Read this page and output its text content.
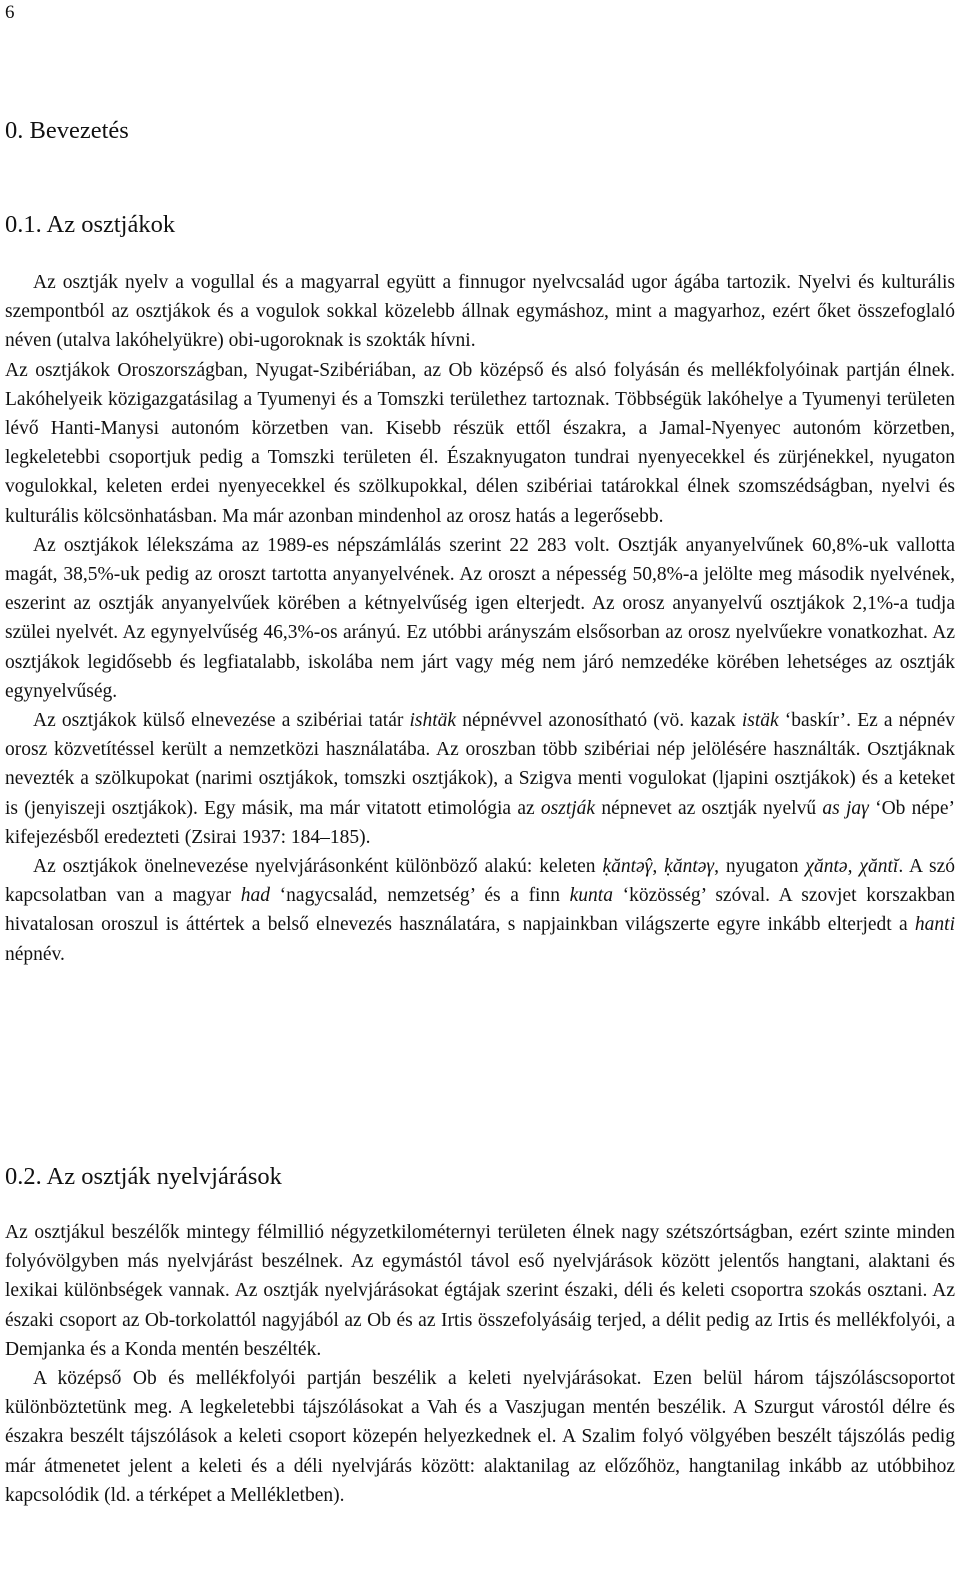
6
0. Bevezetés
0.1. Az osztjákok

Az osztják nyelv a vogullal és a magyarral együtt a finnugor nyelvcsalád ugor ágába tartozik. Nyelvi és kulturális szempontból az osztjákok és a vogulok sokkal közelebb állnak egymáshoz, mint a magyarhoz, ezért őket összefoglaló néven (utalva lakóhelyükre) obi-ugoroknak is szokták hívni.

Az osztjákok Oroszországban, Nyugat-Szibériában, az Ob középső és alsó folyásán és mellékfolyóinak partján élnek. Lakóhelyeik közigazgatásilag a Tyumenyi és a Tomszki területhez tartoznak. Többségük lakóhelye a Tyumenyi területen lévő Hanti-Manysi autonóm körzetben van. Kisebb részük ettől északra, a Jamal-Nyenyec autonóm körzetben, legkeletebbi csoportjuk pedig a Tomszki területen él. Északnyugaton tundrai nyenyecekkel és zürjénekkel, nyugaton vogulokkal, keleten erdei nyenyecekkel és szölkupokkal, délen szibériai tatárokkal élnek szomszédságban, nyelvi és kulturális kölcsönhatásban. Ma már azonban mindenhol az orosz hatás a legerősebb.

Az osztjákok lélekszáma az 1989-es népszámlálás szerint 22 283 volt. Osztják anyanyelvűnek 60,8%-uk vallotta magát, 38,5%-uk pedig az oroszt tartotta anyanyelvének. Az oroszt a népesség 50,8%-a jelölte meg második nyelvének, eszerint az osztják anyanyelvűek körében a kétnyelvűség igen elterjedt. Az orosz anyanyelvű osztjákok 2,1%-a tudja szülei nyelvét. Az egynyelvűség 46,3%-os arányú. Ez utóbbi arányszám elsősorban az orosz nyelvűekre vonatkozhat. Az osztjákok legidősebb és legfiatalabb, iskolába nem járt vagy még nem járó nemzedéke körében lehetséges az osztják egynyelvűség.

Az osztjákok külső elnevezése a szibériai tatár ishtäk népnévvel azonosítható (vö. kazak istäk ‘baskír’. Ez a népnév orosz közvetítéssel került a nemzetközi használatába. Az oroszban több szibériai nép jelölésére használták. Osztjáknak nevezték a szölkupokat (narimi osztjákok, tomszki osztjákok), a Szigva menti vogulokat (ljapini osztjákok) és a keteket is (jenyiszeji osztjákok). Egy másik, ma már vitatott etimológia az osztják népnevet az osztják nyelvű as jaγ ‘Ob népe’ kifejezésből eredezteti (Zsirai 1937: 184–185).

Az osztjákok önelnevezése nyelvjárásonként különböző alakú: keleten ḳăntə̂γ, ḳăntəγ, nyugaton χăntə, χăntĭ. A szó kapcsolatban van a magyar had ‘nagycsalád, nemzetség’ és a finn kunta ‘közösség’ szóval. A szovjet korszakban hivatalosan oroszul is áttértek a belső elnevezés használatára, s napjainkban világszerte egyre inkább elterjedt a hanti népnév.

0.2. Az osztják nyelvjárások

Az osztjákul beszélők mintegy félmillió négyzetkilométernyi területen élnek nagy szétszórtságban, ezért szinte minden folyóvölgyben más nyelvjárást beszélnek. Az egymástól távol eső nyelvjárások között jelentős hangtani, alaktani és lexikai különbségek vannak. Az osztják nyelvjárásokat égtájak szerint északi, déli és keleti csoportra szokás osztani. Az északi csoport az Ob-torkolattól nagyjából az Ob és az Irtis összefolyásáig terjed, a délit pedig az Irtis és mellékfolyói, a Demjanka és a Konda mentén beszélték.

A középső Ob és mellékfolyói partján beszélik a keleti nyelvjárásokat. Ezen belül három tájszóláscsoportot különböztetünk meg. A legkeletebbi tájszólásokat a Vah és a Vaszjugan mentén beszélik. A Szurgut várostól délre és északra beszélt tájszólások a keleti csoport közepén helyezkednek el. A Szalim folyó völgyében beszélt tájszólás pedig már átmenetet jelent a keleti és a déli nyelvjárás között: alaktanilag az előzőhöz, hangtanilag inkább az utóbbihoz kapcsolódik (ld. a térképet a Mellékletben).
